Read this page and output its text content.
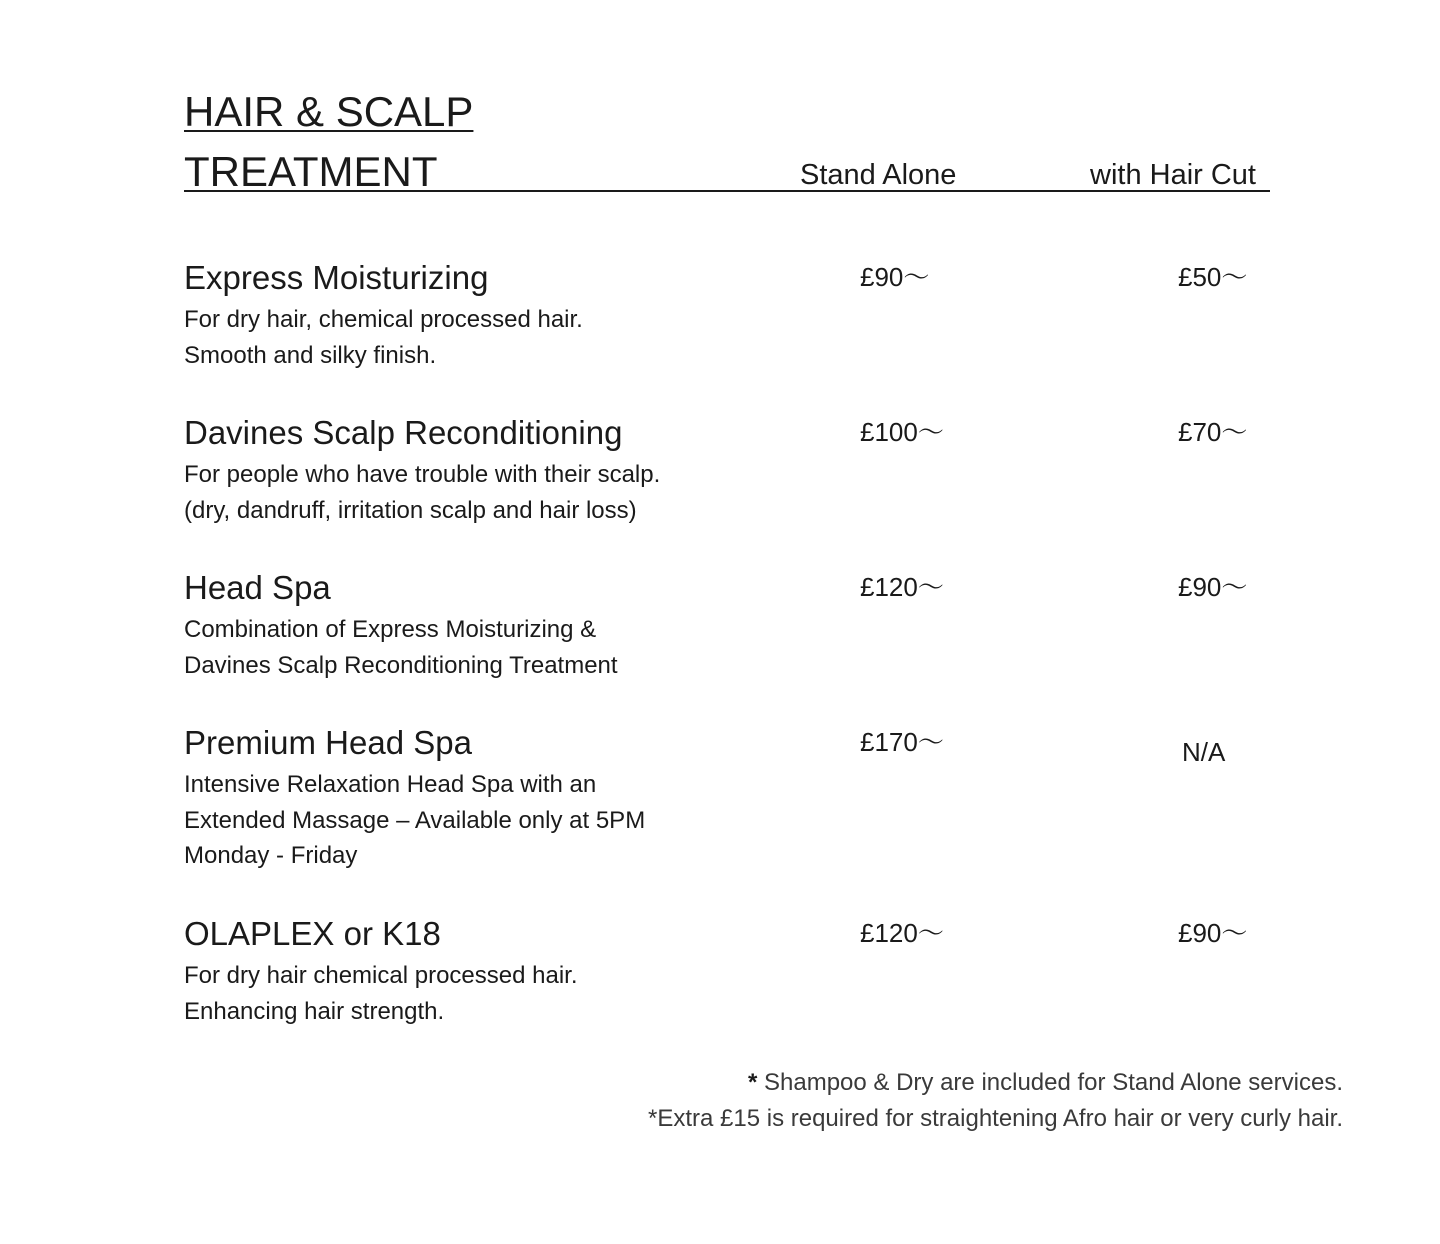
HAIR & SCALP
TREATMENT	Stand Alone	with Hair Cut
Express Moisturizing
For dry hair, chemical processed hair.
Smooth and silky finish.
£90～	£50～
Davines Scalp Reconditioning
For people who have trouble with their scalp.
(dry, dandruff, irritation scalp and hair loss)
£100～	£70～
Head Spa
Combination of Express Moisturizing &
Davines Scalp Reconditioning Treatment
£120～	£90～
Premium Head Spa
Intensive Relaxation Head Spa with an
Extended Massage – Available only at 5PM
Monday - Friday
£170～	N/A
OLAPLEX or K18
For dry hair chemical processed hair.
Enhancing hair strength.
£120～	£90～
* Shampoo & Dry are included for Stand Alone services.
*Extra £15 is required for straightening Afro hair or very curly hair.
